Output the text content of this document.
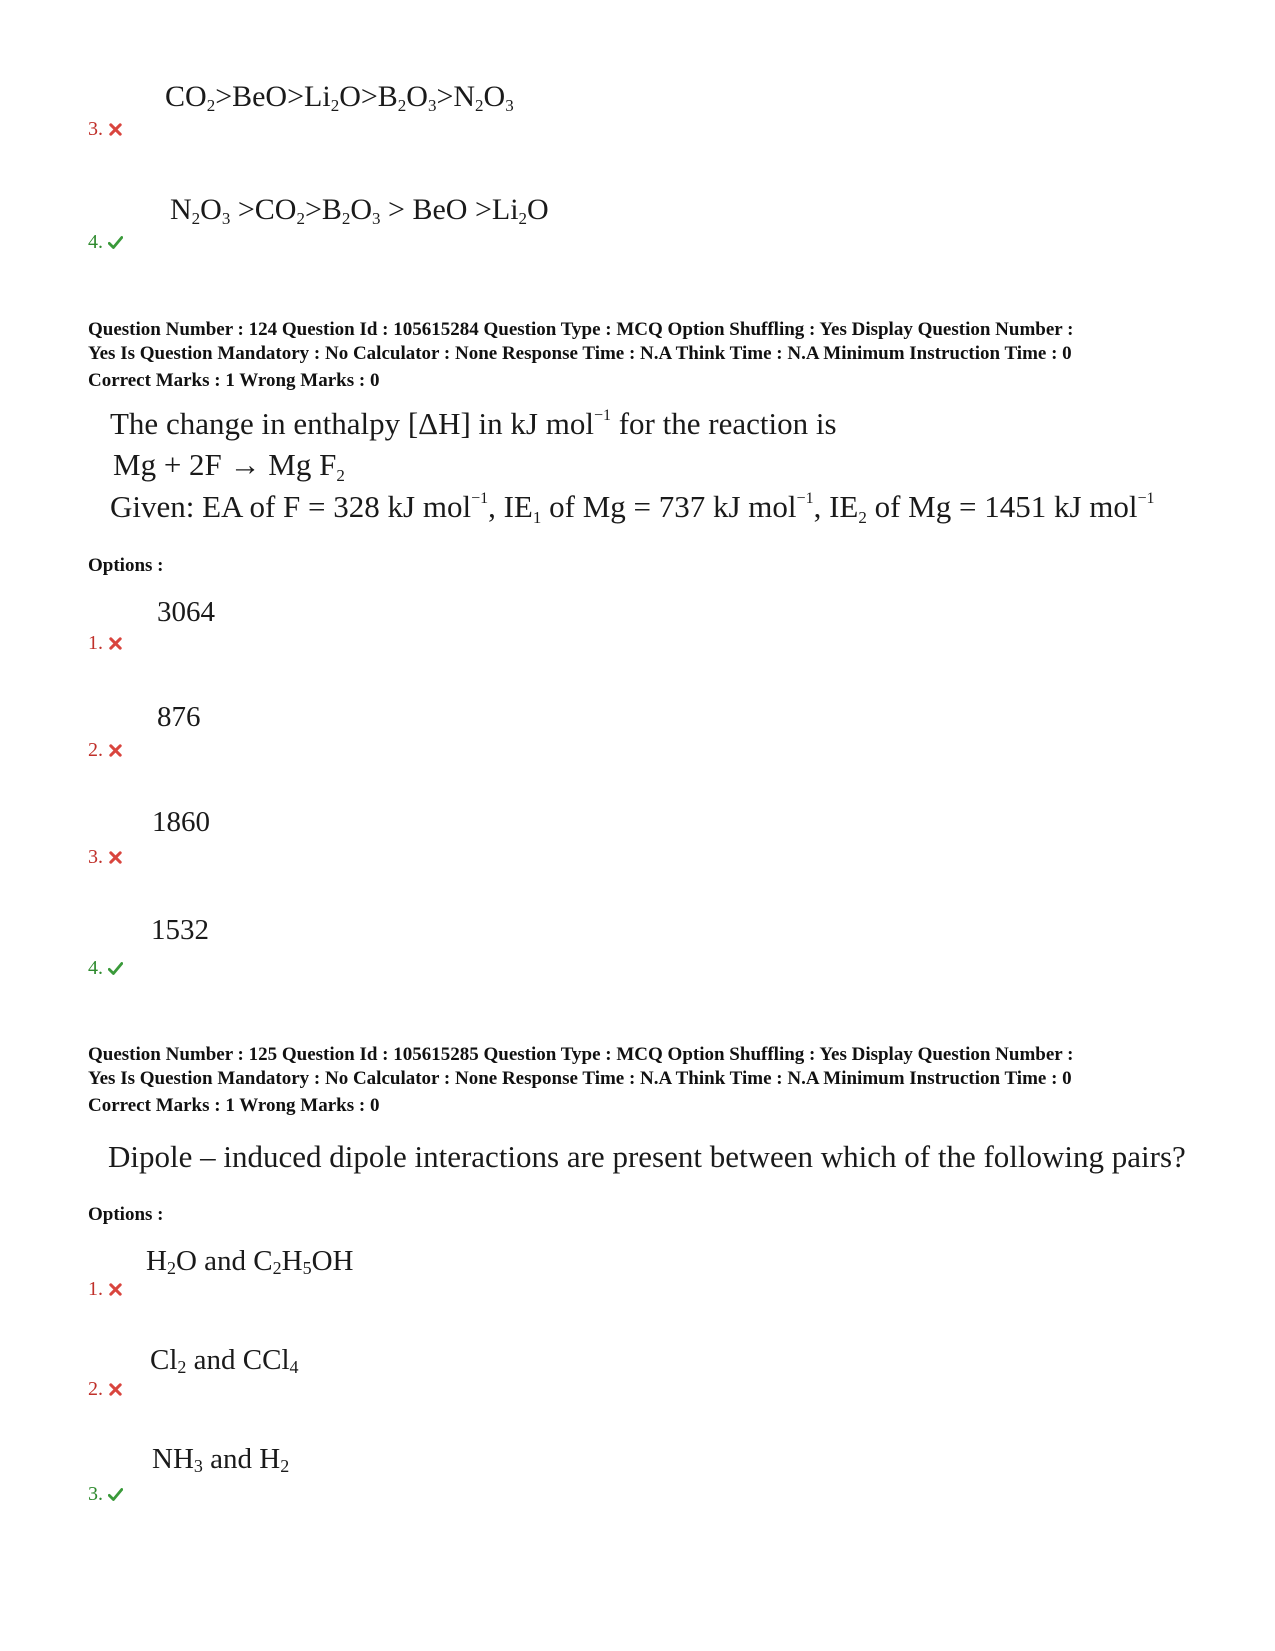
$CO_2>BeO>Li_2O>B_2O_3>N_2O_3$
3.
$N_2O_3 >CO_2>B_2O_3$ > BeO $>Li_2O$
4.
Question Number : 124 Question Id : 105615284 Question Type : MCQ Option Shuffling : Yes Display Question Number :
Yes Is Question Mandatory : No Calculator : None Response Time : N.A Think Time : N.A Minimum Instruction Time : 0
Correct Marks : 1 Wrong Marks : 0
The change in enthalpy [ΔH] in kJ mol$^{-1}$ for the reaction is
Mg + 2F → Mg $F_2$
Given: EA of F = 328 kJ mol$^{-1}$, $IE_1$ of Mg = 737 kJ mol$^{-1}$, $IE_2$ of Mg = 1451 kJ mol$^{-1}$
Options :
3064
1.
876
2.
1860
3.
1532
4.
Question Number : 125 Question Id : 105615285 Question Type : MCQ Option Shuffling : Yes Display Question Number :
Yes Is Question Mandatory : No Calculator : None Response Time : N.A Think Time : N.A Minimum Instruction Time : 0
Correct Marks : 1 Wrong Marks : 0
Dipole – induced dipole interactions are present between which of the following pairs?
Options :
$H_2O$ and $C_2H_5OH$
1.
$Cl_2$ and CCl$_4$
2.
$NH_3$ and $H_2$
3.
